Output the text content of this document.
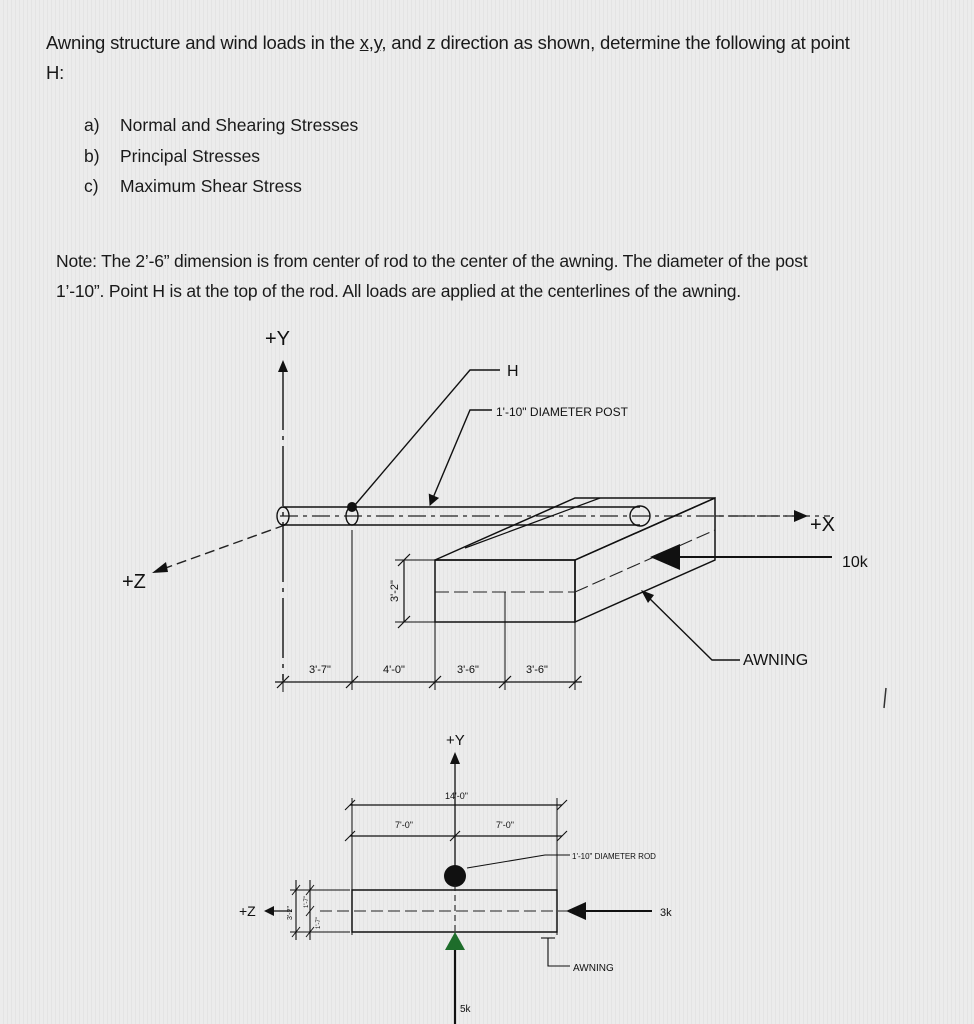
Awning structure and wind loads in the x,y, and z direction as shown, determine the following at point
H:
a)	Normal and Shearing Stresses
b)	Principal Stresses
c)	Maximum Shear Stress
Note: The 2’-6” dimension is from center of rod to the center of the awning. The diameter of the post
1’-10”. Point H is at the top of the rod. All loads are applied at the centerlines of the awning.
+Y
+Z
H
1'-10" DIAMETER POST
+X
10k
AWNING
3'-2"
3'-7"	4'-0"	3'-6"	3'-6"
+Y
14'-0"
7'-0"	7'-0"
1'-10" DIAMETER ROD
+Z	3'-2"
1'-7"
1'-7"
3k
AWNING
5k
